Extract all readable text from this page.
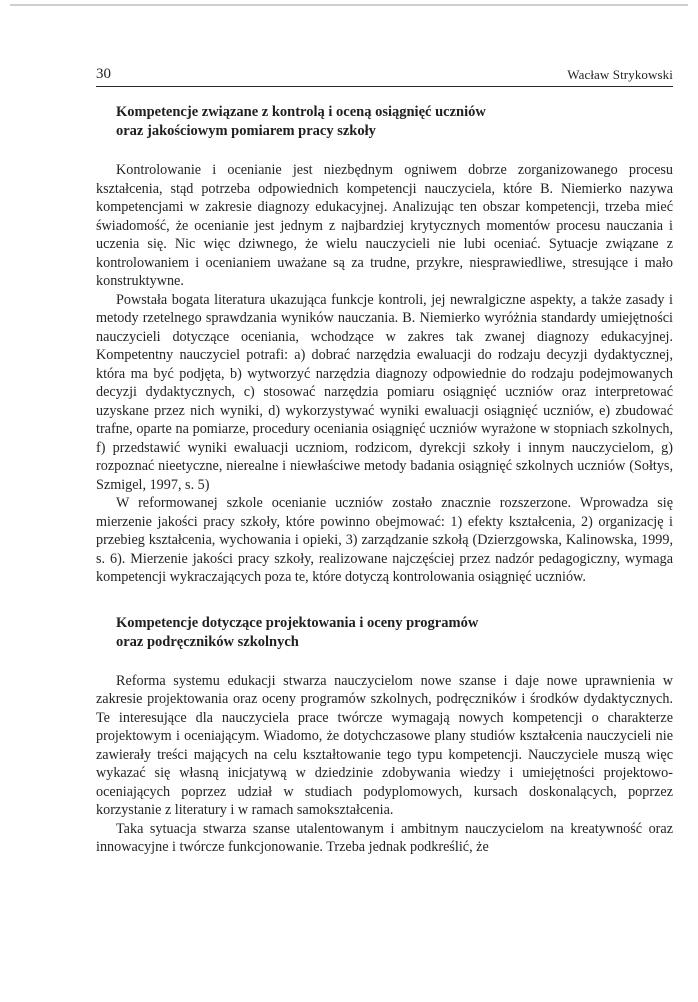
30	Wacław Strykowski
Kompetencje związane z kontrolą i oceną osiągnięć uczniów
oraz jakościowym pomiarem pracy szkoły

Kontrolowanie i ocenianie jest niezbędnym ogniwem dobrze zorganizowanego procesu kształcenia, stąd potrzeba odpowiednich kompetencji nauczyciela, które B. Niemierko nazywa kompetencjami w zakresie diagnozy edukacyjnej. Analizując ten obszar kompetencji, trzeba mieć świadomość, że ocenianie jest jednym z najbardziej krytycznych momentów procesu nauczania i uczenia się. Nic więc dziwnego, że wielu nauczycieli nie lubi oceniać. Sytuacje związane z kontrolowaniem i ocenianiem uważane są za trudne, przykre, niesprawiedliwe, stresujące i mało konstruktywne.

Powstała bogata literatura ukazująca funkcje kontroli, jej newralgiczne aspekty, a także zasady i metody rzetelnego sprawdzania wyników nauczania. B. Niemierko wyróżnia standardy umiejętności nauczycieli dotyczące oceniania, wchodzące w zakres tak zwanej diagnozy edukacyjnej. Kompetentny nauczyciel potrafi: a) dobrać narzędzia ewaluacji do rodzaju decyzji dydaktycznej, która ma być podjęta, b) wytworzyć narzędzia diagnozy odpowiednie do rodzaju podejmowanych decyzji dydaktycznych, c) stosować narzędzia pomiaru osiągnięć uczniów oraz interpretować uzyskane przez nich wyniki, d) wykorzystywać wyniki ewaluacji osiągnięć uczniów, e) zbudować trafne, oparte na pomiarze, procedury oceniania osiągnięć uczniów wyrażone w stopniach szkolnych, f) przedstawić wyniki ewaluacji uczniom, rodzicom, dyrekcji szkoły i innym nauczycielom, g) rozpoznać nieetyczne, nierealne i niewłaściwe metody badania osiągnięć szkolnych uczniów (Sołtys, Szmigel, 1997, s. 5)

W reformowanej szkole ocenianie uczniów zostało znacznie rozszerzone. Wprowadza się mierzenie jakości pracy szkoły, które powinno obejmować: 1) efekty kształcenia, 2) organizację i przebieg kształcenia, wychowania i opieki, 3) zarządzanie szkołą (Dzierzgowska, Kalinowska, 1999, s. 6). Mierzenie jakości pracy szkoły, realizowane najczęściej przez nadzór pedagogiczny, wymaga kompetencji wykraczających poza te, które dotyczą kontrolowania osiągnięć uczniów.

Kompetencje dotyczące projektowania i oceny programów
oraz podręczników szkolnych

Reforma systemu edukacji stwarza nauczycielom nowe szanse i daje nowe uprawnienia w zakresie projektowania oraz oceny programów szkolnych, podręczników i środków dydaktycznych. Te interesujące dla nauczyciela prace twórcze wymagają nowych kompetencji o charakterze projektowym i oceniającym. Wiadomo, że dotychczasowe plany studiów kształcenia nauczycieli nie zawierały treści mających na celu kształtowanie tego typu kompetencji. Nauczyciele muszą więc wykazać się własną inicjatywą w dziedzinie zdobywania wiedzy i umiejętności projektowo-oceniających poprzez udział w studiach podyplomowych, kursach doskonalących, poprzez korzystanie z literatury i w ramach samokształcenia.

Taka sytuacja stwarza szanse utalentowanym i ambitnym nauczycielom na kreatywność oraz innowacyjne i twórcze funkcjonowanie. Trzeba jednak podkreślić, że
